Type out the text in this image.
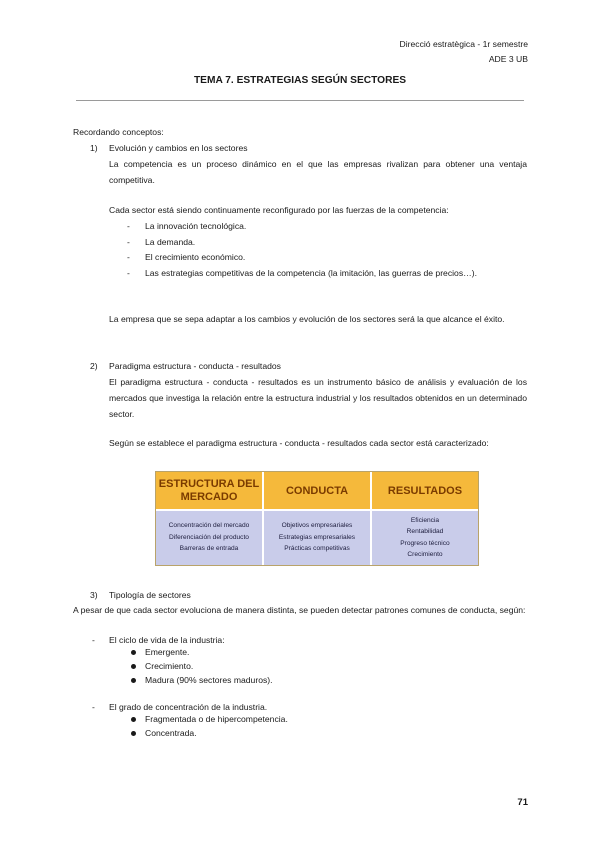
Direcció estratègica - 1r semestre
ADE 3 UB
TEMA 7. ESTRATEGIAS SEGÚN SECTORES
Recordando conceptos:
1) Evolución y cambios en los sectores
La competencia es un proceso dinámico en el que las empresas rivalizan para obtener una ventaja competitiva.
Cada sector está siendo continuamente reconfigurado por las fuerzas de la competencia:
- La innovación tecnológica.
- La demanda.
- El crecimiento económico.
- Las estrategias competitivas de la competencia (la imitación, las guerras de precios…).
La empresa que se sepa adaptar a los cambios y evolución de los sectores será la que alcance el éxito.
2) Paradigma estructura - conducta - resultados
El paradigma estructura - conducta - resultados es un instrumento básico de análisis y evaluación de los mercados que investiga la relación entre la estructura industrial y los resultados obtenidos en un determinado sector.
Según se establece el paradigma estructura - conducta - resultados cada sector está caracterizado:
ESTRUCTURA DEL MERCADO
CONDUCTA	RESULTADOS
Concentración del mercado
Diferenciación del producto
Barreras de entrada
Objetivos empresariales
Estrategias empresariales
Prácticas competitivas
Eficiencia
Rentabilidad
Progreso técnico
Crecimiento
3) Tipología de sectores
A pesar de que cada sector evoluciona de manera distinta, se pueden detectar patrones comunes de conducta, según:
- El ciclo de vida de la industria:
Emergente.
Crecimiento.
Madura (90% sectores maduros).
- El grado de concentración de la industria.
Fragmentada o de hipercompetencia.
Concentrada.
71
